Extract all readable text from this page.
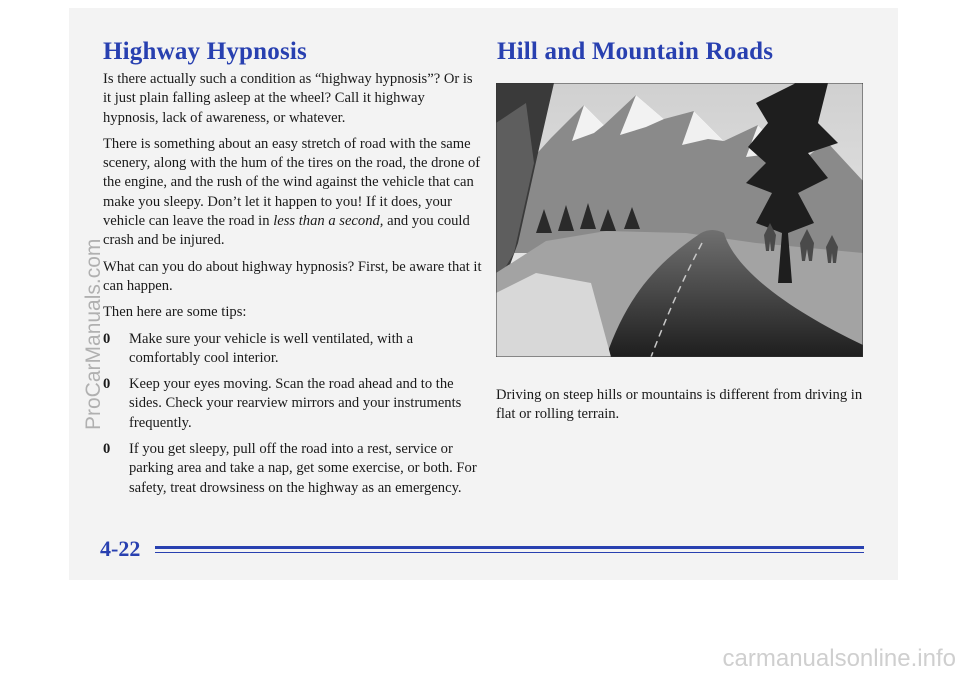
Highway Hypnosis

Is there actually such a condition as “highway hypnosis”? Or is it just plain falling asleep at the wheel? Call it highway hypnosis, lack of awareness, or whatever.

There is something about an easy stretch of road with the same scenery, along with the hum of the tires on the road, the drone of the engine, and the rush of the wind against the vehicle that can make you sleepy. Don’t let it happen to you! If it does, your vehicle can leave the road in less than a second, and you could crash and be injured.

What can you do about highway hypnosis? First, be aware that it can happen.

Then here are some tips:

0 Make sure your vehicle is well ventilated, with a comfortably cool interior.
0 Keep your eyes moving. Scan the road ahead and to the sides. Check your rearview mirrors and your instruments frequently.
0 If you get sleepy, pull off the road into a rest, service or parking area and take a nap, get some exercise, or both. For safety, treat drowsiness on the highway as an emergency.
Hill and Mountain Roads

Driving on steep hills or mountains is different from driving in flat or rolling terrain.

4-22

ProCarManuals.com
carmanualsonline.info
